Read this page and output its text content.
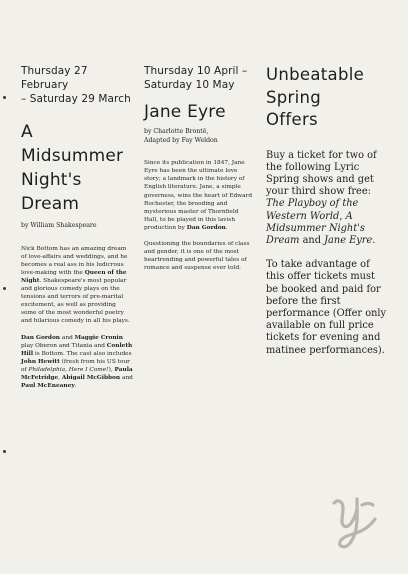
Thursday 27 February
– Saturday 29 March

A
Midsummer
Night's
Dream

by William Shakespeare

Nick Bottom has an amazing dream of love-affairs and weddings, and he becomes a real ass in his ludicrous love-making with the Queen of the Night. Shakespeare's most popular and glorious comedy plays on the tensions and terrors of pre-marital excitement, as well as providing some of the most wonderful poetry and hilarious comedy in all his plays.

Dan Gordon and Maggie Cronin play Oberon and Titania and Conleth Hill is Bottom. The cast also includes John Hewitt (fresh from his US tour of Philadelphia, Here I Come!), Paula McFetridge, Abigail McGibbon and Paul McEneaney.

Thursday 10 April –
Saturday 10 May

Jane Eyre

by Charlotte Brontë,
Adapted by Fay Weldon

Since its publication in 1847, Jane Eyre has been the ultimate love story; a landmark in the history of English literature. Jane, a simple governess, wins the heart of Edward Rochester, the brooding and mysterious master of Thornfield Hall, to be played in this lavish production by Dan Gordon.

Questioning the boundaries of class and gender, it is one of the most heartrending and powerful tales of romance and suspense ever told.

Unbeatable
Spring
Offers

Buy a ticket for two of the following Lyric Spring shows and get your third show free: The Playboy of the Western World, A Midsummer Night's Dream and Jane Eyre.

To take advantage of this offer tickets must be booked and paid for before the first performance (Offer only available on full price tickets for evening and matinee performances).
